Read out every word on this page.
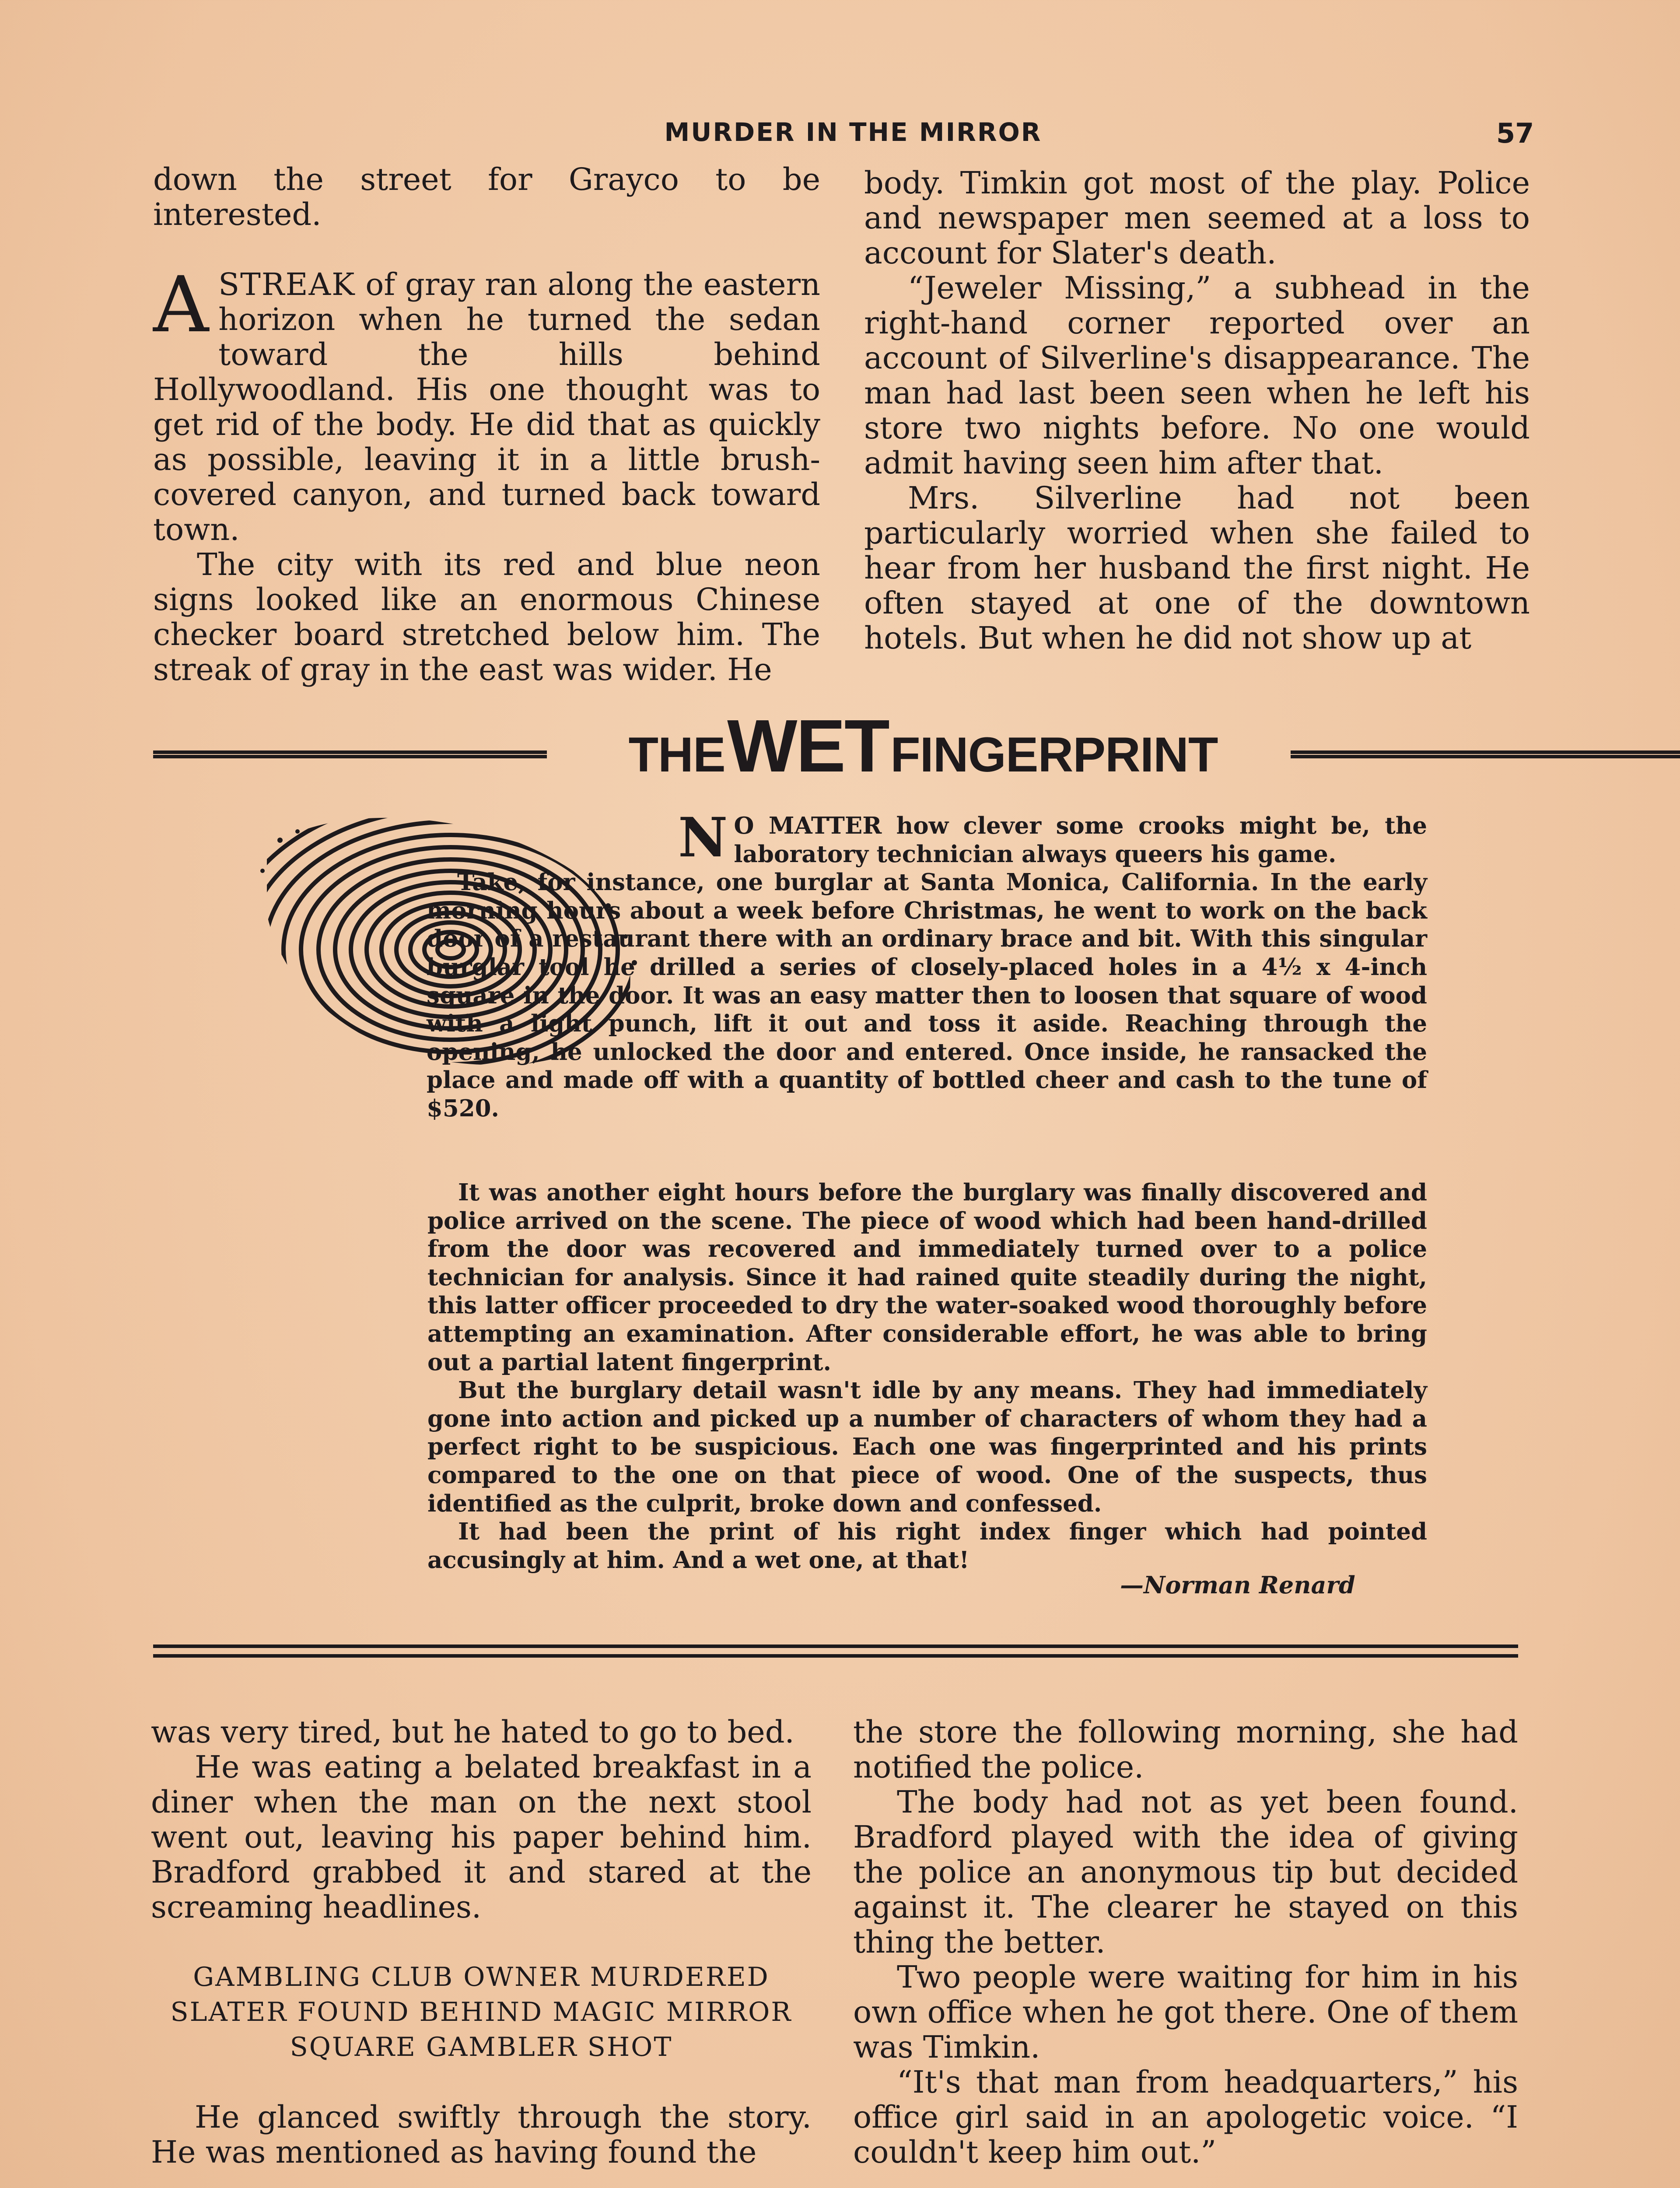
MURDER IN THE MIRROR	57

down the street for Grayco to be interested.

ASTREAK of gray ran along the eastern horizon when he turned the sedan toward the hills behind Hollywoodland. His one thought was to get rid of the body. He did that as quickly as possible, leaving it in a little brush-covered canyon, and turned back toward town.

The city with its red and blue neon signs looked like an enormous Chinese checker board stretched below him. The streak of gray in the east was wider. He

body. Timkin got most of the play. Police and newspaper men seemed at a loss to account for Slater's death.

“Jeweler Missing,” a subhead in the right-hand corner reported over an account of Silverline's disappearance. The man had last been seen when he left his store two nights before. No one would admit having seen him after that.

Mrs. Silverline had not been particularly worried when she failed to hear from her husband the first night. He often stayed at one of the downtown hotels. But when he did not show up at

THE WET FINGERPRINT

N O MATTER how clever some crooks might be, the laboratory technician always queers his game.

Take, for instance, one burglar at Santa Monica, California. In the early morning hours about a week before Christmas, he went to work on the back door of a restaurant there with an ordinary brace and bit. With this singular burglar tool he drilled a series of closely-placed holes in a 4½ x 4-inch square in the door. It was an easy matter then to loosen that square of wood with a light punch, lift it out and toss it aside. Reaching through the opening, he unlocked the door and entered. Once inside, he ransacked the place and made off with a quantity of bottled cheer and cash to the tune of $520.

It was another eight hours before the burglary was finally discovered and police arrived on the scene. The piece of wood which had been hand-drilled from the door was recovered and immediately turned over to a police technician for analysis. Since it had rained quite steadily during the night, this latter officer proceeded to dry the water-soaked wood thoroughly before attempting an examination. After considerable effort, he was able to bring out a partial latent fingerprint.

But the burglary detail wasn't idle by any means. They had immediately gone into action and picked up a number of characters of whom they had a perfect right to be suspicious. Each one was fingerprinted and his prints compared to the one on that piece of wood. One of the suspects, thus identified as the culprit, broke down and confessed.

It had been the print of his right index finger which had pointed accusingly at him. And a wet one, at that!

—Norman Renard

was very tired, but he hated to go to bed.

He was eating a belated breakfast in a diner when the man on the next stool went out, leaving his paper behind him. Bradford grabbed it and stared at the screaming headlines.

GAMBLING CLUB OWNER MURDERED
SLATER FOUND BEHIND MAGIC MIRROR
SQUARE GAMBLER SHOT

He glanced swiftly through the story. He was mentioned as having found the

the store the following morning, she had notified the police.

The body had not as yet been found. Bradford played with the idea of giving the police an anonymous tip but decided against it. The clearer he stayed on this thing the better.

Two people were waiting for him in his own office when he got there. One of them was Timkin.

“It's that man from headquarters,” his office girl said in an apologetic voice. “I couldn't keep him out.”
